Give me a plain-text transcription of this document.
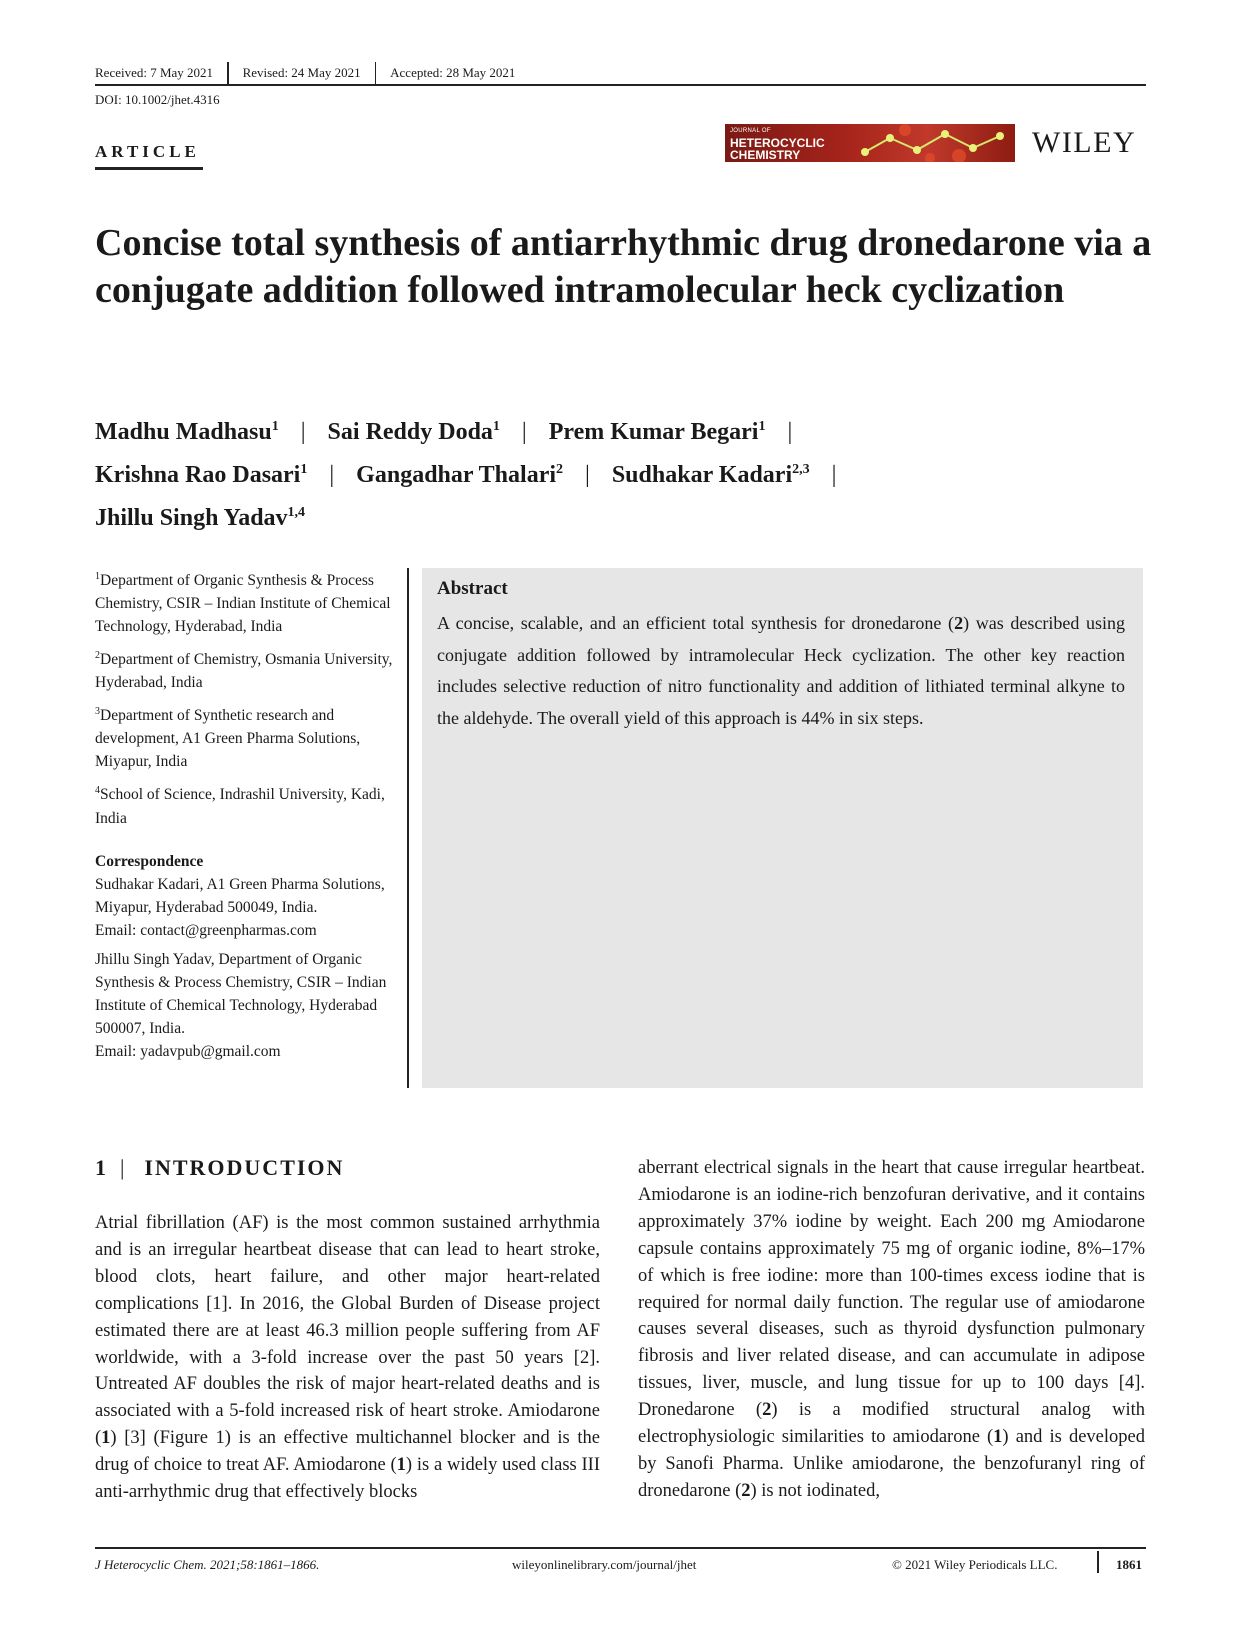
Received: 7 May 2021 Revised: 24 May 2021 Accepted: 28 May 2021
DOI: 10.1002/jhet.4316
ARTICLE
JOURNAL OF
HETEROCYCLIC
CHEMISTRY	WILEY
Concise total synthesis of antiarrhythmic drug dronedarone via a conjugate addition followed intramolecular heck cyclization
Madhu Madhasu$^1$ | Sai Reddy Doda$^1$ | Prem Kumar Begari$^1$ |
Krishna Rao Dasari$^1$ | Gangadhar Thalari$^2$ | Sudhakar Kadari$^{2,3}$ |
Jhillu Singh Yadav$^{1,4}$

$^1$Department of Organic Synthesis & Process Chemistry, CSIR – Indian Institute of Chemical Technology, Hyderabad, India

$^2$Department of Chemistry, Osmania University, Hyderabad, India

$^3$Department of Synthetic research and development, A1 Green Pharma Solutions, Miyapur, India

$^4$School of Science, Indrashil University, Kadi, India

Correspondence

Sudhakar Kadari, A1 Green Pharma Solutions, Miyapur, Hyderabad 500049, India.

Email: contact@greenpharmas.com

Jhillu Singh Yadav, Department of Organic Synthesis & Process Chemistry, CSIR – Indian Institute of Chemical Technology, Hyderabad 500007, India.

Email: yadavpub@gmail.com

Abstract
A concise, scalable, and an efficient total synthesis for dronedarone (2) was described using conjugate addition followed by intramolecular Heck cyclization. The other key reaction includes selective reduction of nitro functionality and addition of lithiated terminal alkyne to the aldehyde. The overall yield of this approach is 44% in six steps.
1 | INTRODUCTION
Atrial fibrillation (AF) is the most common sustained arrhythmia and is an irregular heartbeat disease that can lead to heart stroke, blood clots, heart failure, and other major heart-related complications [1]. In 2016, the Global Burden of Disease project estimated there are at least 46.3 million people suffering from AF worldwide, with a 3-fold increase over the past 50 years [2]. Untreated AF doubles the risk of major heart-related deaths and is associated with a 5-fold increased risk of heart stroke. Amiodarone (1) [3] (Figure 1) is an effective multichannel blocker and is the drug of choice to treat AF. Amiodarone (1) is a widely used class III anti-arrhythmic drug that effectively blocks
aberrant electrical signals in the heart that cause irregular heartbeat. Amiodarone is an iodine-rich benzofuran derivative, and it contains approximately 37% iodine by weight. Each 200 mg Amiodarone capsule contains approximately 75 mg of organic iodine, 8%–17% of which is free iodine: more than 100-times excess iodine that is required for normal daily function. The regular use of amiodarone causes several diseases, such as thyroid dysfunction pulmonary fibrosis and liver related disease, and can accumulate in adipose tissues, liver, muscle, and lung tissue for up to 100 days [4]. Dronedarone (2) is a modified structural analog with electrophysiologic similarities to amiodarone (1) and is developed by Sanofi Pharma. Unlike amiodarone, the benzofuranyl ring of dronedarone (2) is not iodinated,
J Heterocyclic Chem. 2021;58:1861–1866.	wileyonlinelibrary.com/journal/jhet	© 2021 Wiley Periodicals LLC.	1861
